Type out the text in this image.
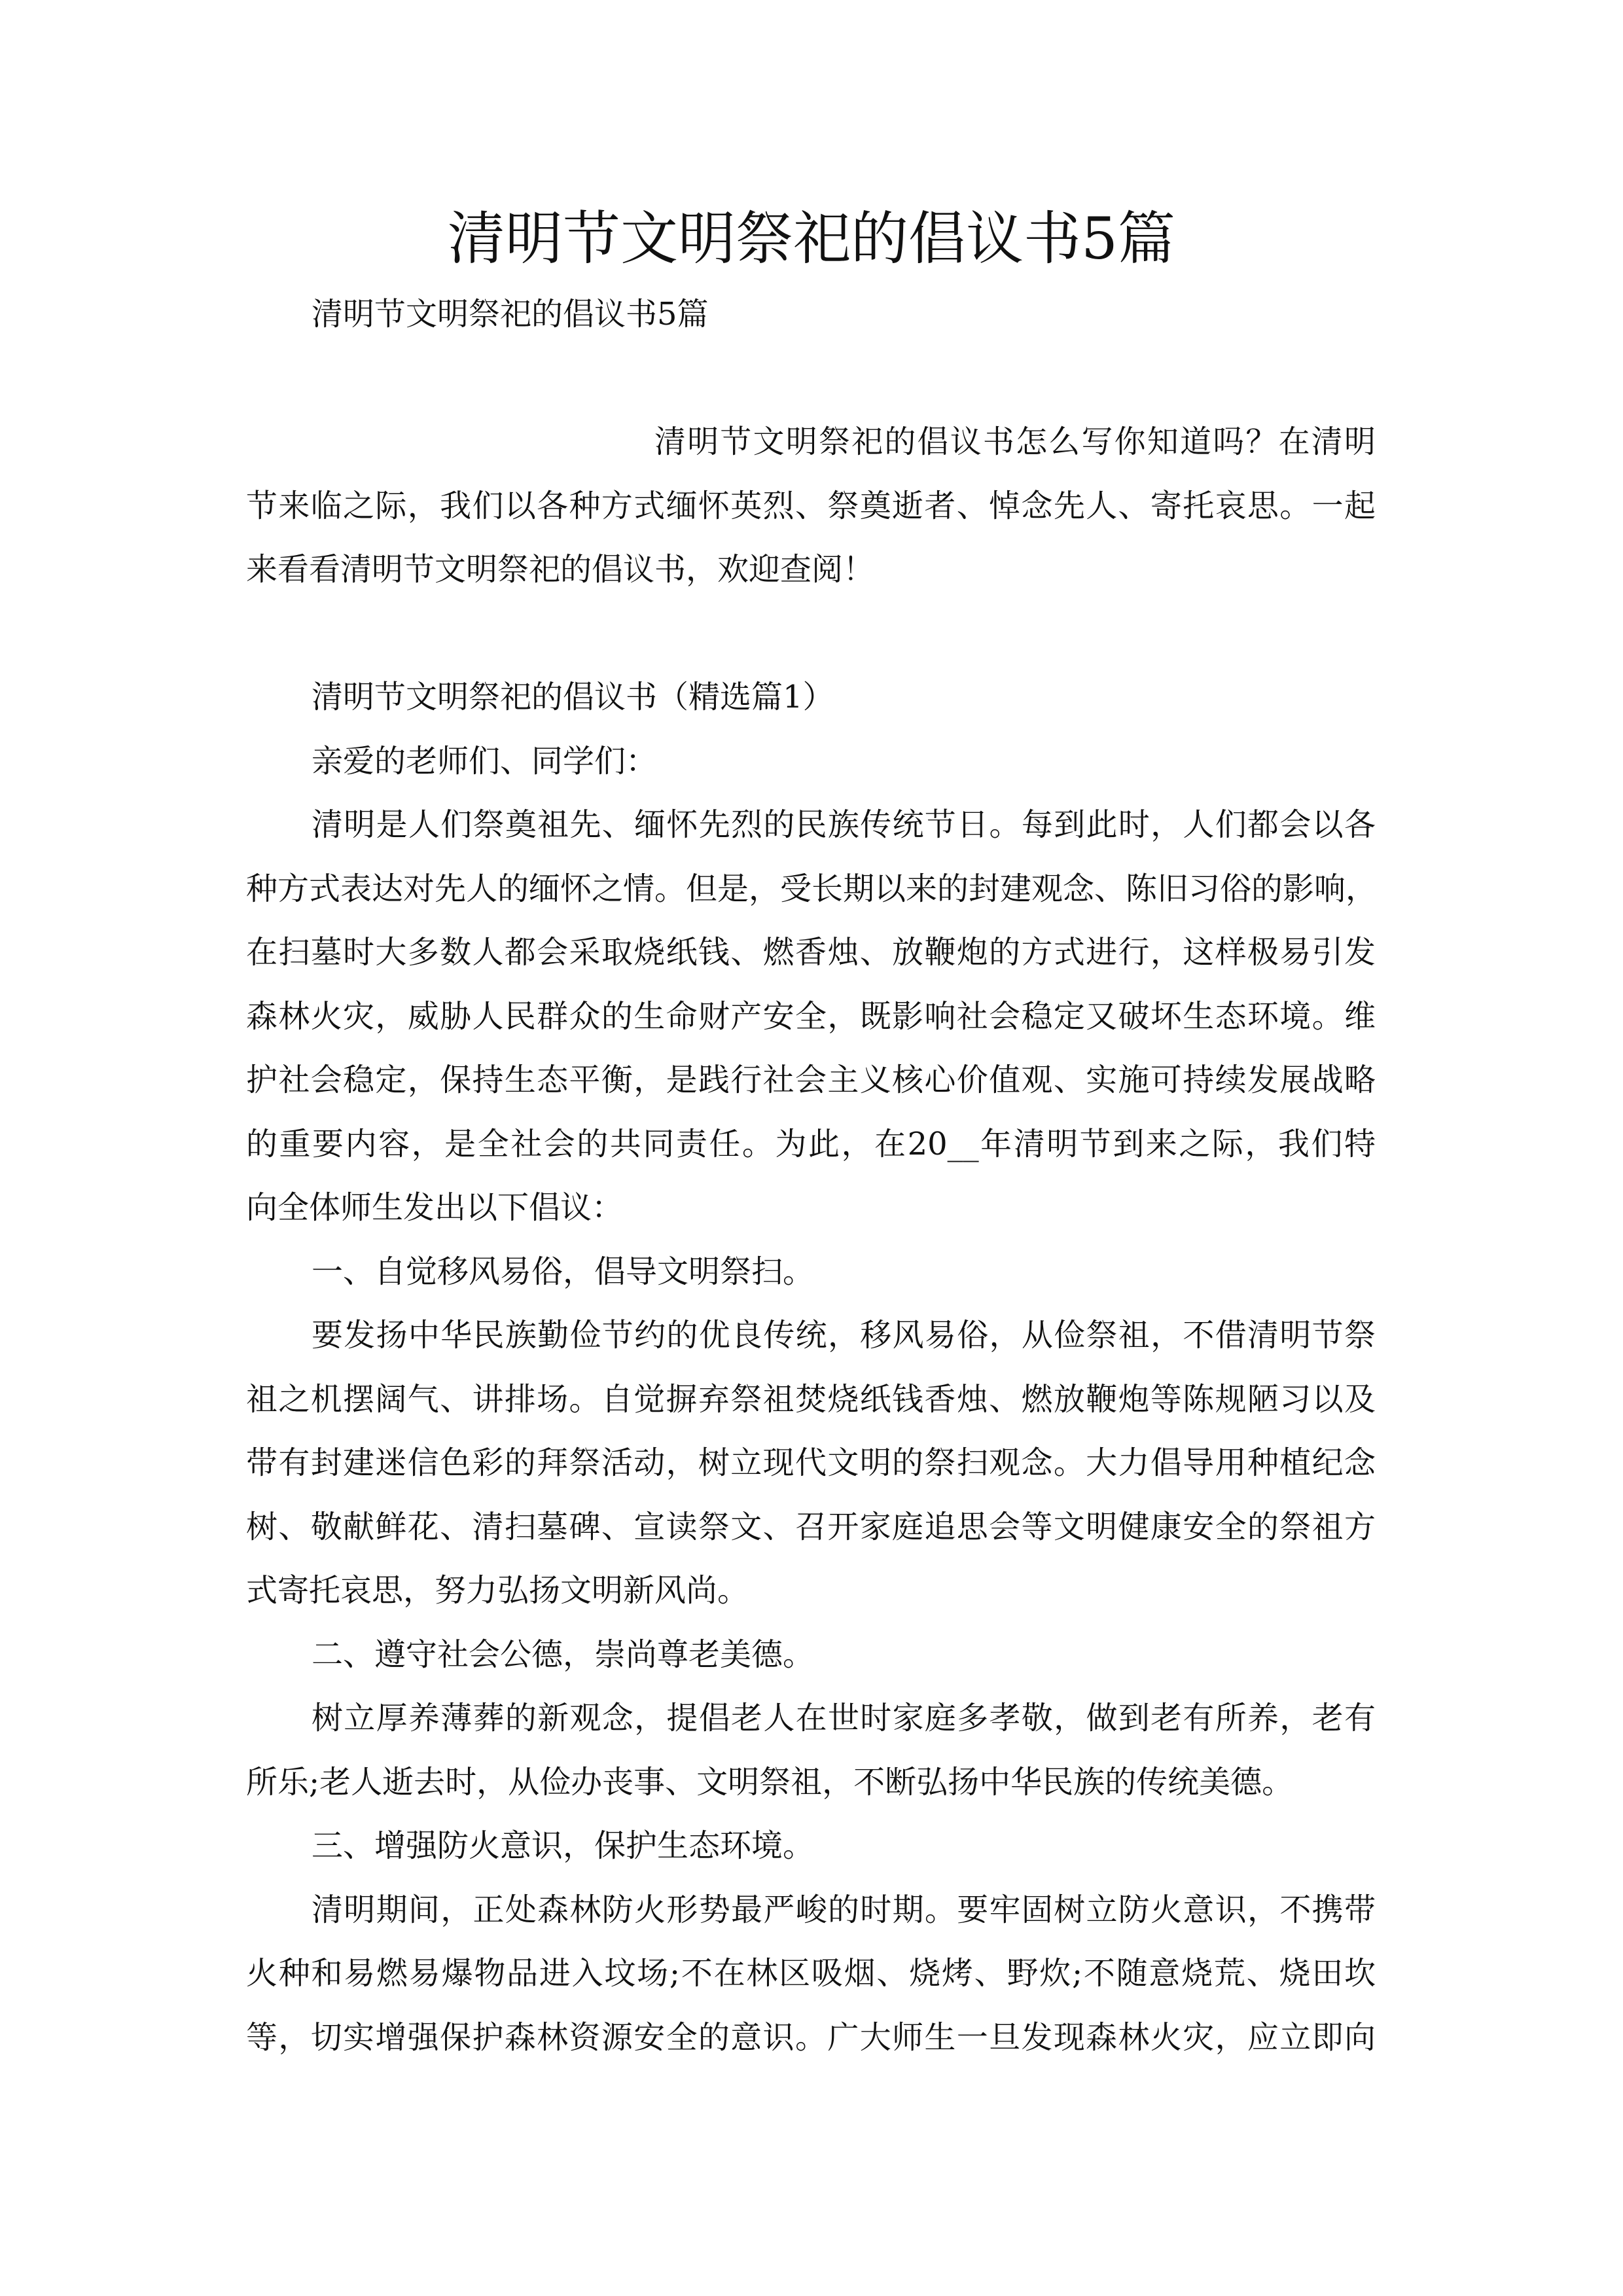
清明节文明祭祀的倡议书5篇
清明节文明祭祀的倡议书5篇
清明节文明祭祀的倡议书怎么写你知道吗？在清明
节来临之际，我们以各种方式缅怀英烈、祭奠逝者、悼念先人、寄托哀思。一起
来看看清明节文明祭祀的倡议书，欢迎查阅！
清明节文明祭祀的倡议书（精选篇1）
亲爱的老师们、同学们：
清明是人们祭奠祖先、缅怀先烈的民族传统节日。每到此时，人们都会以各
种方式表达对先人的缅怀之情。但是，受长期以来的封建观念、陈旧习俗的影响，
在扫墓时大多数人都会采取烧纸钱、燃香烛、放鞭炮的方式进行，这样极易引发
森林火灾，威胁人民群众的生命财产安全，既影响社会稳定又破坏生态环境。维
护社会稳定，保持生态平衡，是践行社会主义核心价值观、实施可持续发展战略
的重要内容，是全社会的共同责任。为此，在20__年清明节到来之际，我们特
向全体师生发出以下倡议：
一、自觉移风易俗，倡导文明祭扫。
要发扬中华民族勤俭节约的优良传统，移风易俗，从俭祭祖，不借清明节祭
祖之机摆阔气、讲排场。自觉摒弃祭祖焚烧纸钱香烛、燃放鞭炮等陈规陋习以及
带有封建迷信色彩的拜祭活动，树立现代文明的祭扫观念。大力倡导用种植纪念
树、敬献鲜花、清扫墓碑、宣读祭文、召开家庭追思会等文明健康安全的祭祖方
式寄托哀思，努力弘扬文明新风尚。
二、遵守社会公德，崇尚尊老美德。
树立厚养薄葬的新观念，提倡老人在世时家庭多孝敬，做到老有所养，老有
所乐;老人逝去时，从俭办丧事、文明祭祖，不断弘扬中华民族的传统美德。
三、增强防火意识，保护生态环境。
清明期间，正处森林防火形势最严峻的时期。要牢固树立防火意识，不携带
火种和易燃易爆物品进入坟场;不在林区吸烟、烧烤、野炊;不随意烧荒、烧田坎
等，切实增强保护森林资源安全的意识。广大师生一旦发现森林火灾，应立即向
